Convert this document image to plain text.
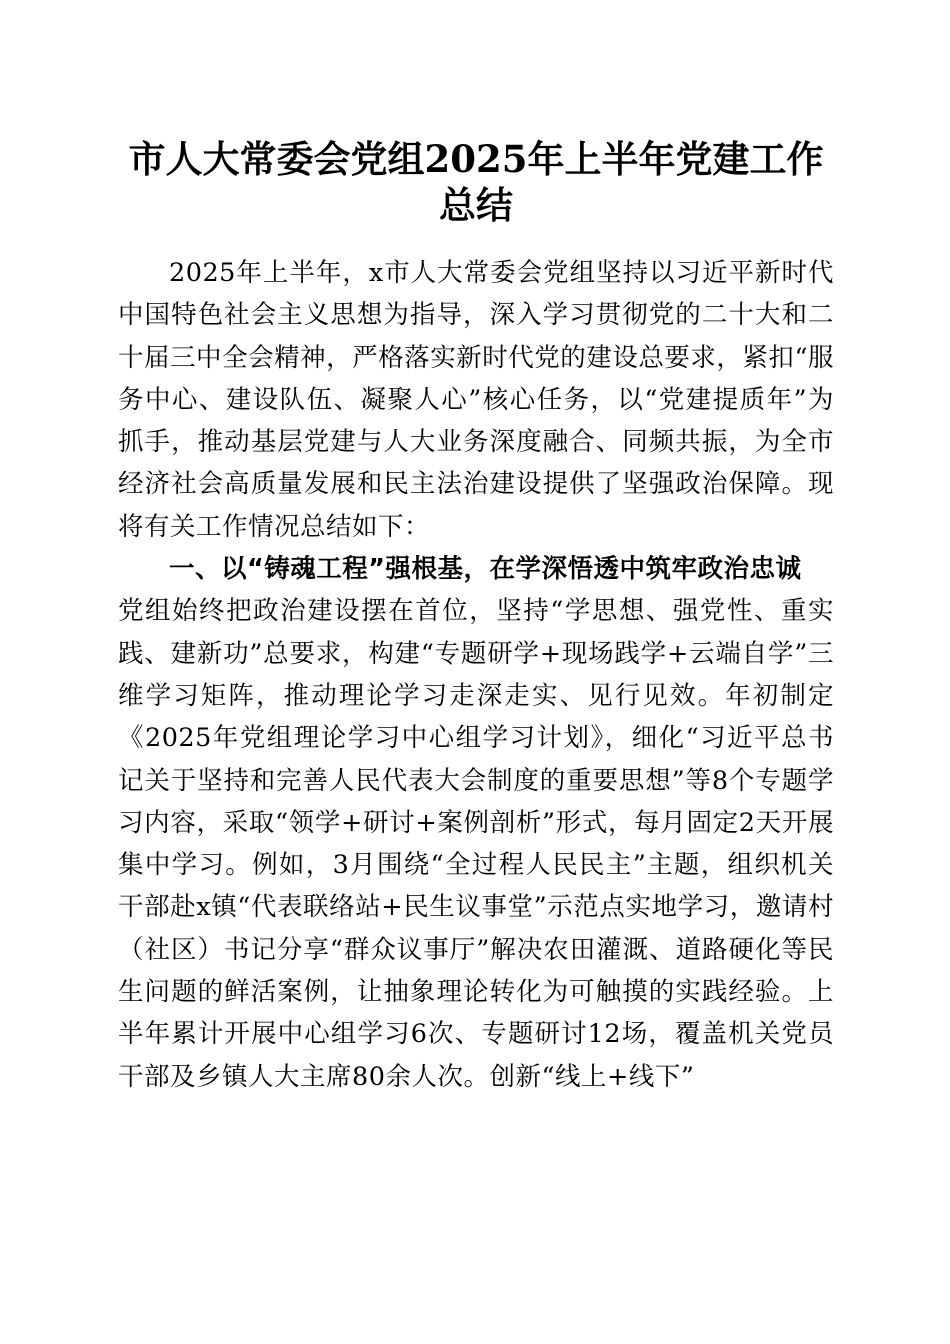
市人大常委会党组2025年上半年党建工作总结

2025年上半年，x市人大常委会党组坚持以习近平新时代中国特色社会主义思想为指导，深入学习贯彻党的二十大和二十届三中全会精神，严格落实新时代党的建设总要求，紧扣“服务中心、建设队伍、凝聚人心”核心任务，以“党建提质年”为抓手，推动基层党建与人大业务深度融合、同频共振，为全市经济社会高质量发展和民主法治建设提供了坚强政治保障。现将有关工作情况总结如下：

一、以“铸魂工程”强根基，在学深悟透中筑牢政治忠诚

党组始终把政治建设摆在首位，坚持“学思想、强党性、重实践、建新功”总要求，构建“专题研学+现场践学+云端自学”三维学习矩阵，推动理论学习走深走实、见行见效。年初制定《2025年党组理论学习中心组学习计划》，细化“习近平总书记关于坚持和完善人民代表大会制度的重要思想”等8个专题学习内容，采取“领学+研讨+案例剖析”形式，每月固定2天开展集中学习。例如，3月围绕“全过程人民民主”主题，组织机关干部赴x镇“代表联络站+民生议事堂”示范点实地学习，邀请村（社区）书记分享“群众议事厅”解决农田灌溉、道路硬化等民生问题的鲜活案例，让抽象理论转化为可触摸的实践经验。上半年累计开展中心组学习6次、专题研讨12场，覆盖机关党员干部及乡镇人大主席80余人次。创新“线上+线下”
